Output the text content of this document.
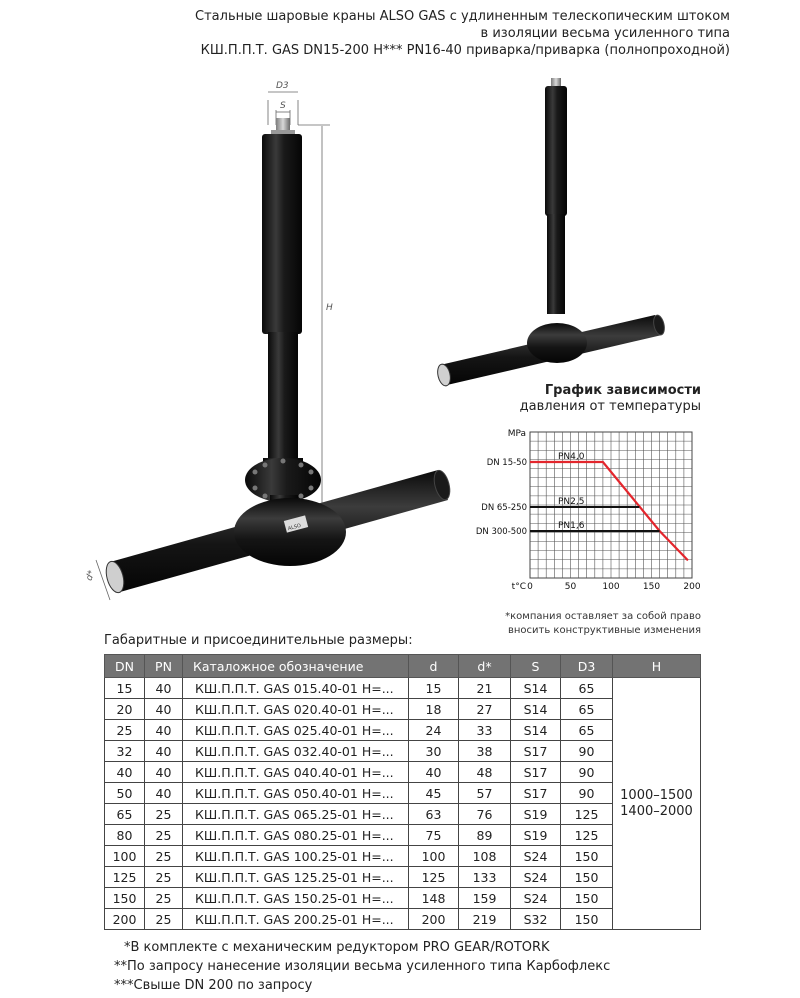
Стальные шаровые краны ALSO GAS с удлиненным телескопическим штоком
в изоляции весьма усиленного типа
КШ.П.П.Т. GAS DN15-200 H*** PN16-40 приварка/приварка (полнопроходной)
D3
S
H
d*
ALSO
График зависимости
давления от температуры
PN4,0
PN2,5
PN1,6
MPa
DN 15-50
DN 65-250
DN 300-500
t°C 0	50	100	150	200
*компания оставляет за собой право
вносить конструктивные изменения
Габаритные и присоединительные размеры:
DN	PN	Каталожное обозначение	d	d*	S	D3	H
15	40	КШ.П.П.Т. GAS 015.40-01 H=...	15	21	S14	65	1000–1500
1400–2000

20	40	КШ.П.П.Т. GAS 020.40-01 H=...	18	27	S14	65	
25	40	КШ.П.П.Т. GAS 025.40-01 H=...	24	33	S14	65	
32	40	КШ.П.П.Т. GAS 032.40-01 H=...	30	38	S17	90	
40	40	КШ.П.П.Т. GAS 040.40-01 H=...	40	48	S17	90	
50	40	КШ.П.П.Т. GAS 050.40-01 H=...	45	57	S17	90	
65	25	КШ.П.П.Т. GAS 065.25-01 H=...	63	76	S19	125	
80	25	КШ.П.П.Т. GAS 080.25-01 H=...	75	89	S19	125	
100	25	КШ.П.П.Т. GAS 100.25-01 H=...	100	108	S24	150	
125	25	КШ.П.П.Т. GAS 125.25-01 H=...	125	133	S24	150	
150	25	КШ.П.П.Т. GAS 150.25-01 H=...	148	159	S24	150	
200	25	КШ.П.П.Т. GAS 200.25-01 H=...	200	219	S32	150	
*В комплекте с механическим редуктором PRO GEAR/ROTORK
**По запросу нанесение изоляции весьма усиленного типа Карбофлекс
***Свыше DN 200 по запросу
